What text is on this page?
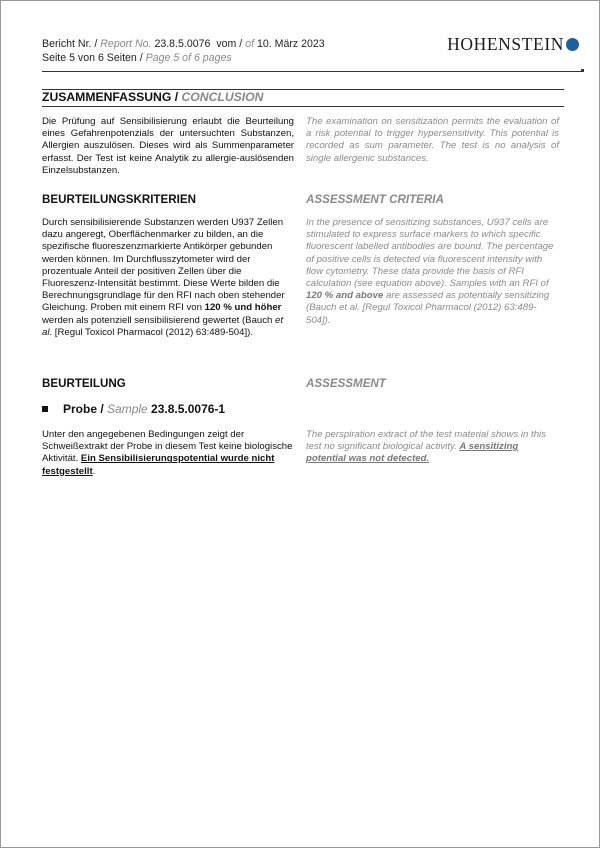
Bericht Nr. / Report No. 23.8.5.0076  vom / of 10. März 2023
Seite 5 von 6 Seiten / Page 5 of 6 pages
HOHENSTEIN
ZUSAMMENFASSUNG / CONCLUSION
Die Prüfung auf Sensibilisierung erlaubt die Beurteilung eines Gefahrenpotenzials der untersuchten Substanzen, Allergien auszulösen. Dieses wird als Summenparameter erfasst. Der Test ist keine Analytik zu allergie-auslösenden Einzelsubstanzen.
The examination on sensitization permits the evaluation of a risk potential to trigger hypersensitivity. This potential is recorded as sum parameter. The test is no analysis of single allergenic substances.
BEURTEILUNGSKRITERIEN	ASSESSMENT CRITERIA
Durch sensibilisierende Substanzen werden U937 Zellen dazu angeregt, Oberflächenmarker zu bilden, an die spezifische fluoreszenzmarkierte Antikörper gebunden werden können. Im Durchflusszytometer wird der prozentuale Anteil der positiven Zellen über die Fluoreszenz-Intensität bestimmt. Diese Werte bilden die Berechnungsgrundlage für den RFI nach oben stehender Gleichung. Proben mit einem RFI von 120 % und höher werden als potenziell sensibilisierend gewertet (Bauch et al. [Regul Toxicol Pharmacol (2012) 63:489-504]).
In the presence of sensitizing substances, U937 cells are stimulated to express surface markers to which specific fluorescent labelled antibodies are bound. The percentage of positive cells is detected via fluorescent intensity with flow cytometry. These data provide the basis of RFI calculation (see equation above). Samples with an RFI of 120 % and above are assessed as potentially sensitizing (Bauch et al. [Regul Toxicol Pharmacol (2012) 63:489-504]).
BEURTEILUNG	ASSESSMENT
Probe / Sample 23.8.5.0076-1
Unter den angegebenen Bedingungen zeigt der Schweißextrakt der Probe in diesem Test keine biologische Aktivität. Ein Sensibilisierungspotential wurde nicht festgestellt.
The perspiration extract of the test material shows in this test no significant biological activity. A sensitizing potential was not detected.
